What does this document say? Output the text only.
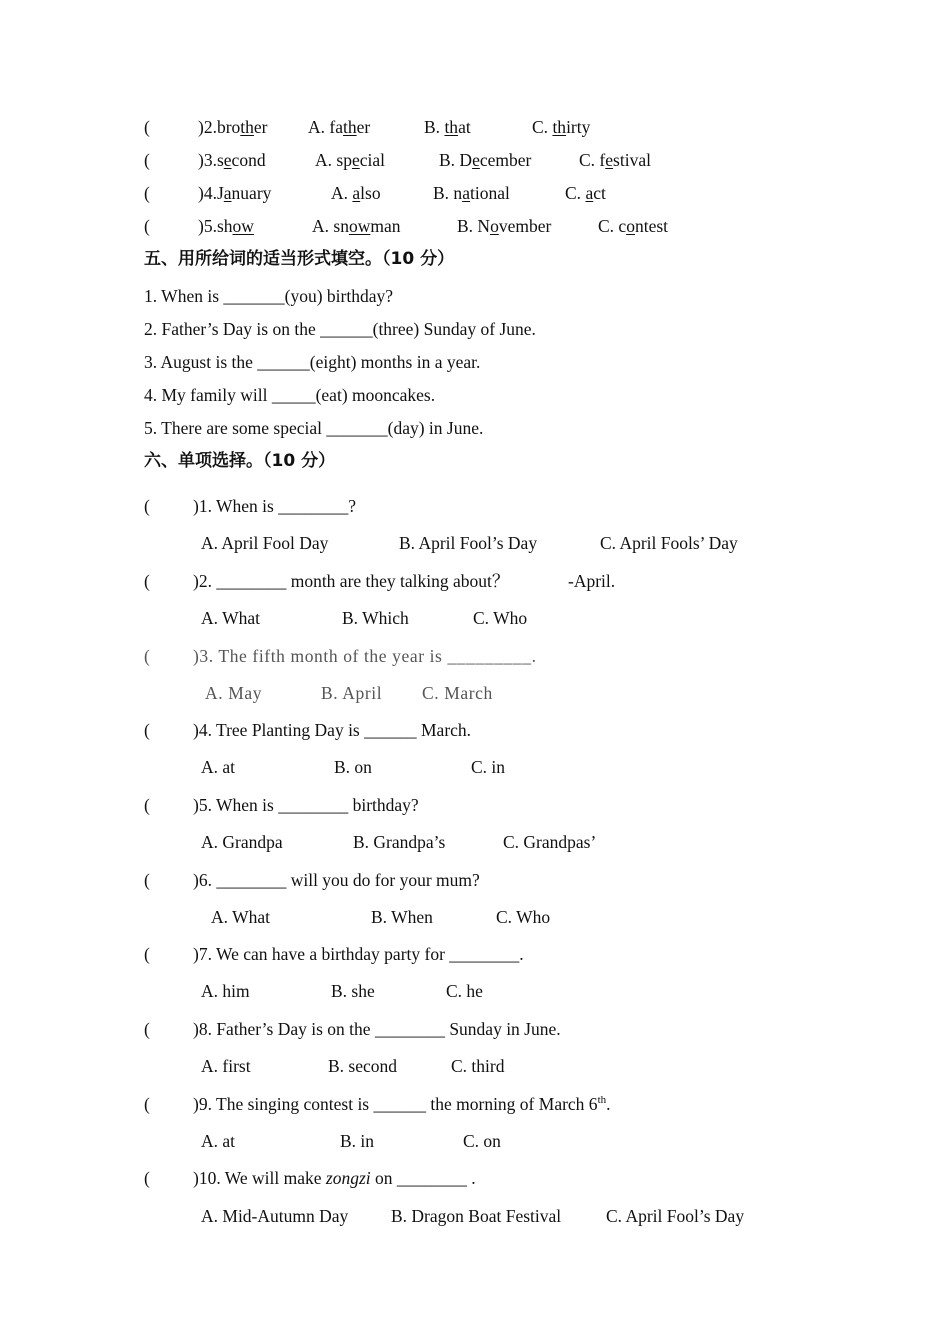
(	)2.brother A. father	B. that	C. thirty
(	)3.second	A. special	B. December	C. festival
(	)4.January	A. also	B. national	C. act
(	)5.show	A. snowman	B. November	C. contest
五、用所给词的适当形式填空。（10 分）
1. When is _______(you) birthday?
2. Father’s Day is on the ______(three) Sunday of June.
3. August is the ______(eight) months in a year.
4. My family will _____(eat) mooncakes.
5. There are some special _______(day) in June.
六、单项选择。（10 分）
( )1. When is ________?
A. April Fool Day	B. April Fool’s Day	C. April Fools’ Day
( )2. ________ month are they talking about？	-April.
A. What	B. Which	C. Who
( )3. The fifth month of the year is _________.
A. May	B. April C. March
( )4. Tree Planting Day is ______ March.
A. at	B. on	C. in
( )5. When is ________ birthday?
A. Grandpa	B. Grandpa’s	C. Grandpas’
( )6. ________ will you do for your mum?
A. What	B. When	C. Who
( )7. We can have a birthday party for ________.
A. him	B. she	C. he
( )8. Father’s Day is on the ________ Sunday in June.
A. first	B. second	C. third
( )9. The singing contest is ______ the morning of March 6th.
A. at	B. in	C. on
( )10. We will make zongzi on ________ .
A. Mid-Autumn Day B. Dragon Boat Festival	C. April Fool’s Day
